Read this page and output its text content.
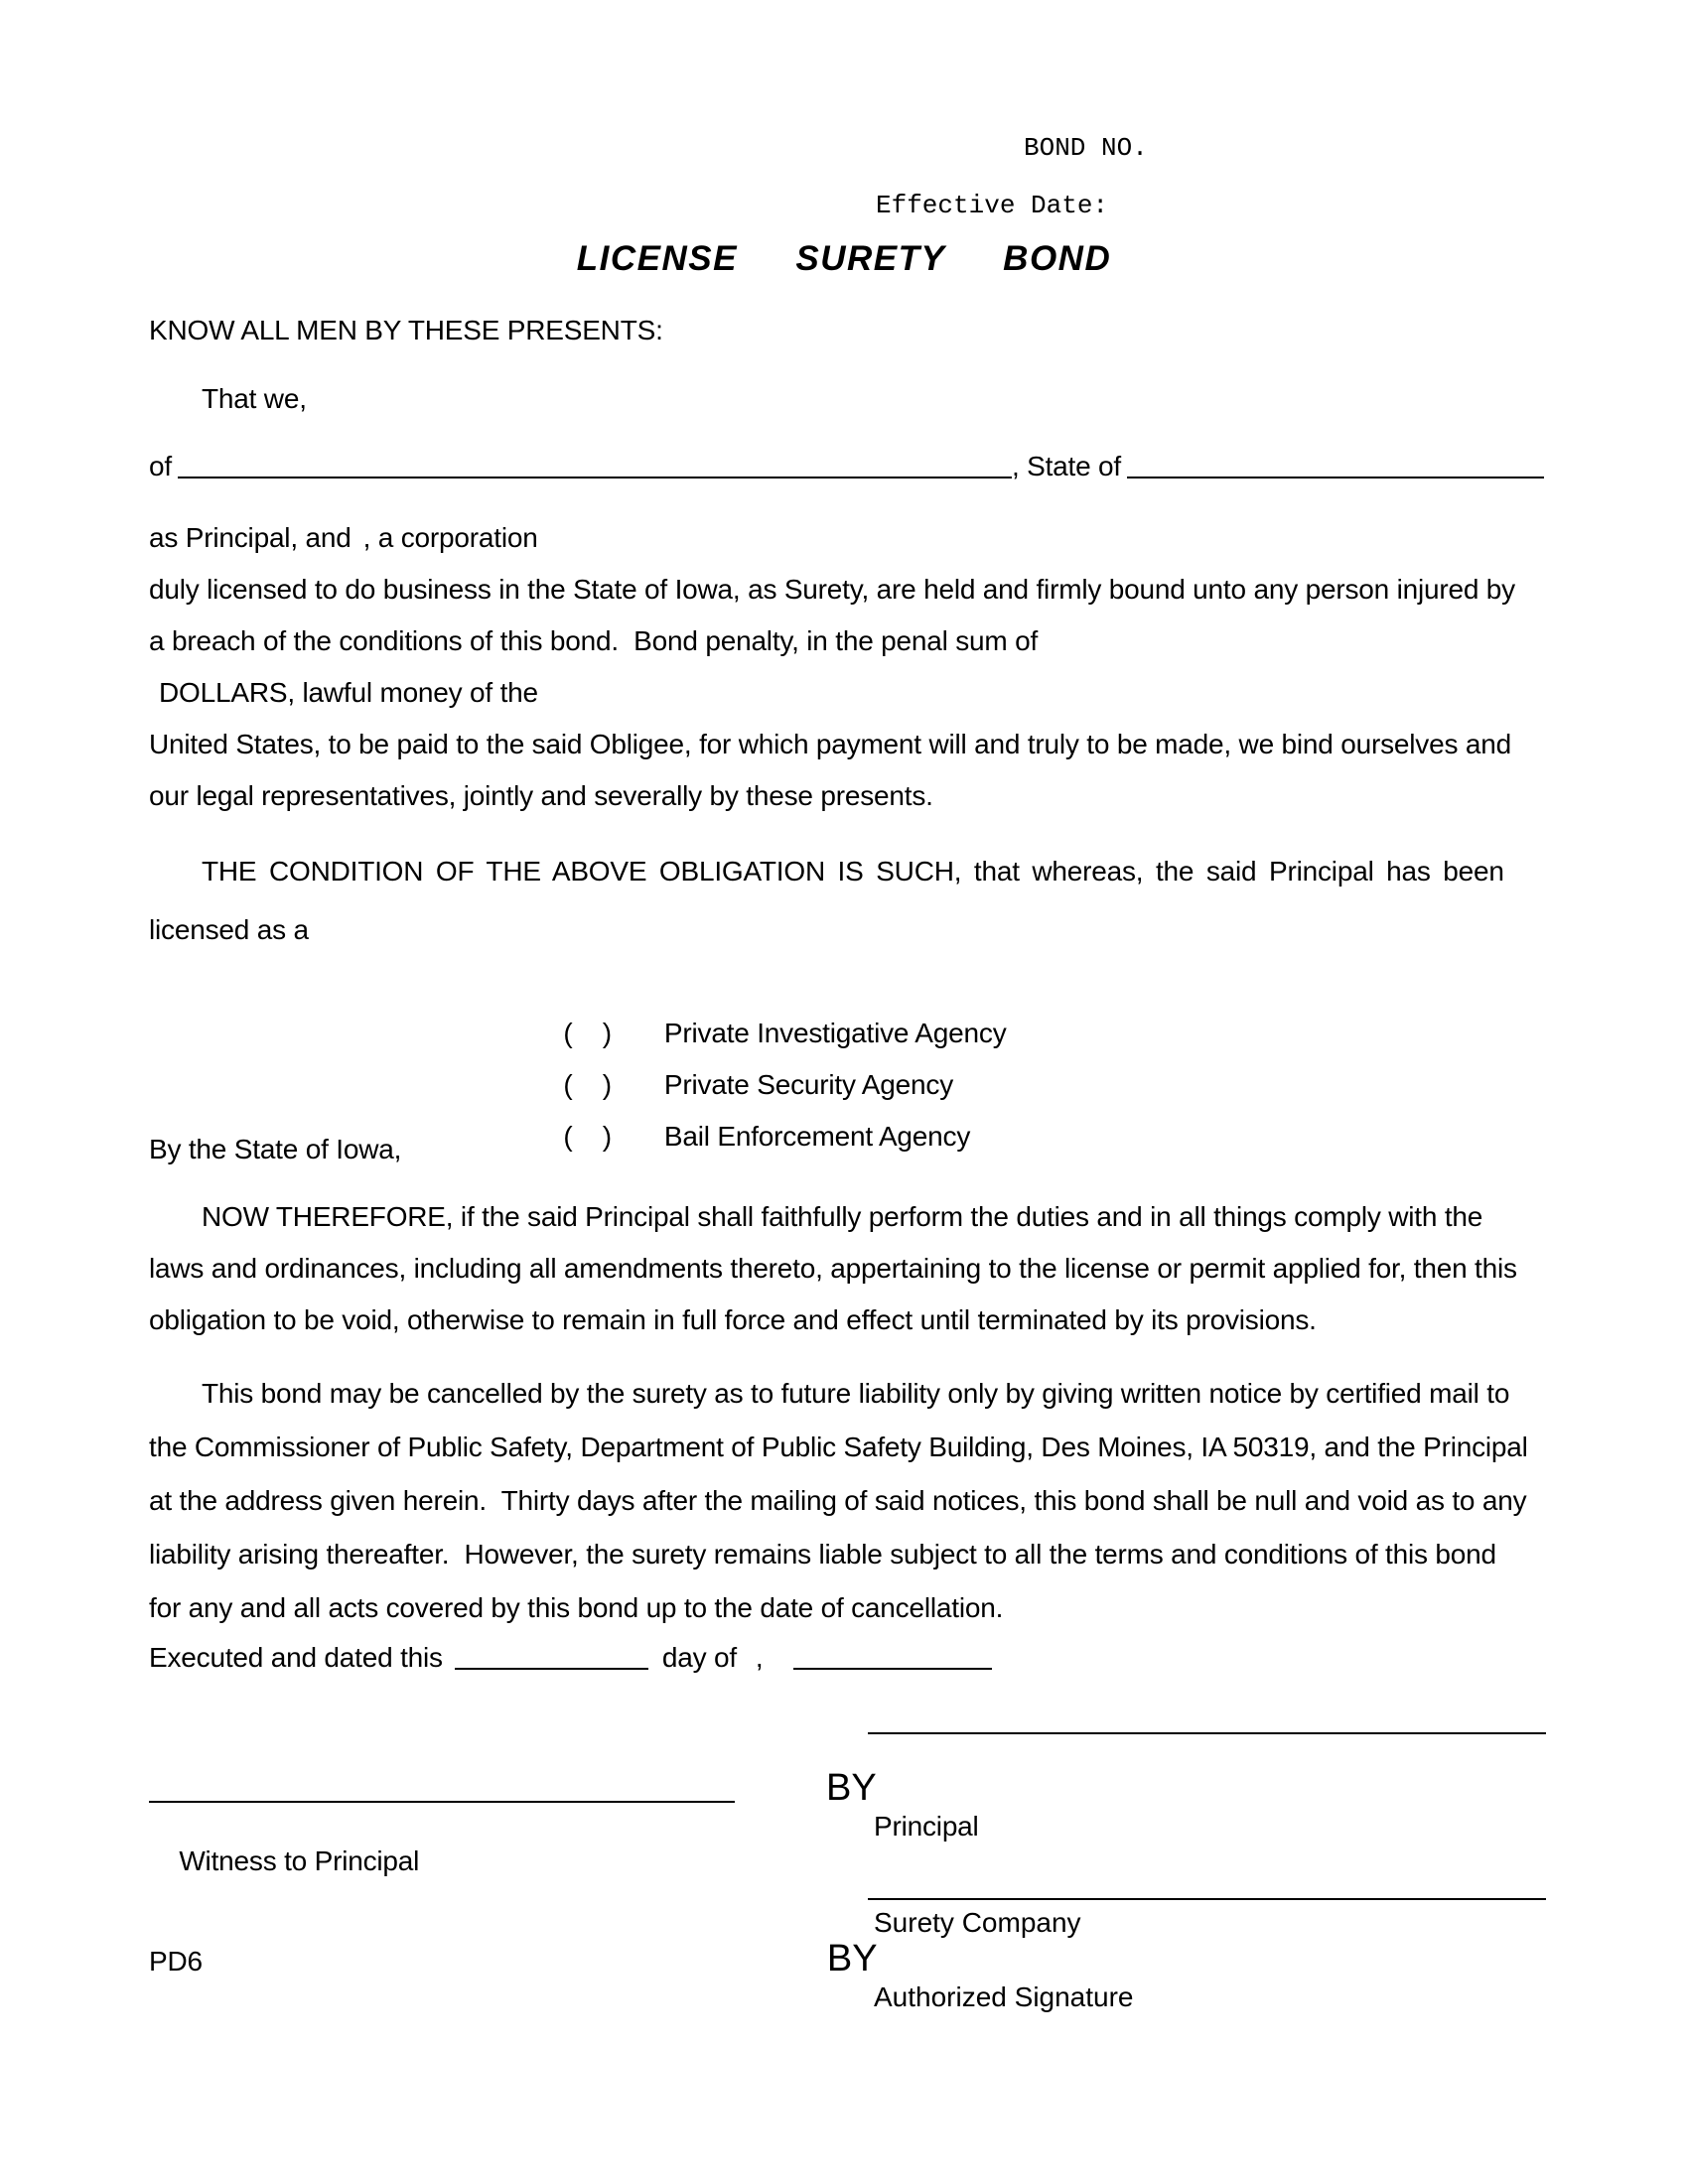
BOND NO.
Effective Date:
LICENSE  SURETY  BOND
KNOW ALL MEN BY THESE PRESENTS:
That we,
of	, State of
as Principal, and , a corporation
duly licensed to do business in the State of Iowa, as Surety, are held and firmly bound unto any person injured by
a breach of the conditions of this bond.  Bond penalty, in the penal sum of
DOLLARS, lawful money of the
United States, to be paid to the said Obligee, for which payment will and truly to be made, we bind ourselves and
our legal representatives, jointly and severally by these presents.
THE CONDITION OF THE ABOVE OBLIGATION IS SUCH, that whereas, the said Principal has been
licensed as a

(    ) Private Investigative Agency

(    ) Private Security Agency

(    ) Bail Enforcement Agency

By the State of Iowa,
NOW THEREFORE, if the said Principal shall faithfully perform the duties and in all things comply with the
laws and ordinances, including all amendments thereto, appertaining to the license or permit applied for, then this
obligation to be void, otherwise to remain in full force and effect until terminated by its provisions.
This bond may be cancelled by the surety as to future liability only by giving written notice by certified mail to
the Commissioner of Public Safety, Department of Public Safety Building, Des Moines, IA 50319, and the Principal
at the address given herein.  Thirty days after the mailing of said notices, this bond shall be null and void as to any
liability arising thereafter.  However, the surety remains liable subject to all the terms and conditions of this bond
for any and all acts covered by this bond up to the date of cancellation.
Executed and dated this	day of ,
BY

Witness to Principal

Principal

Surety Company
PD6	BY
Authorized Signature
